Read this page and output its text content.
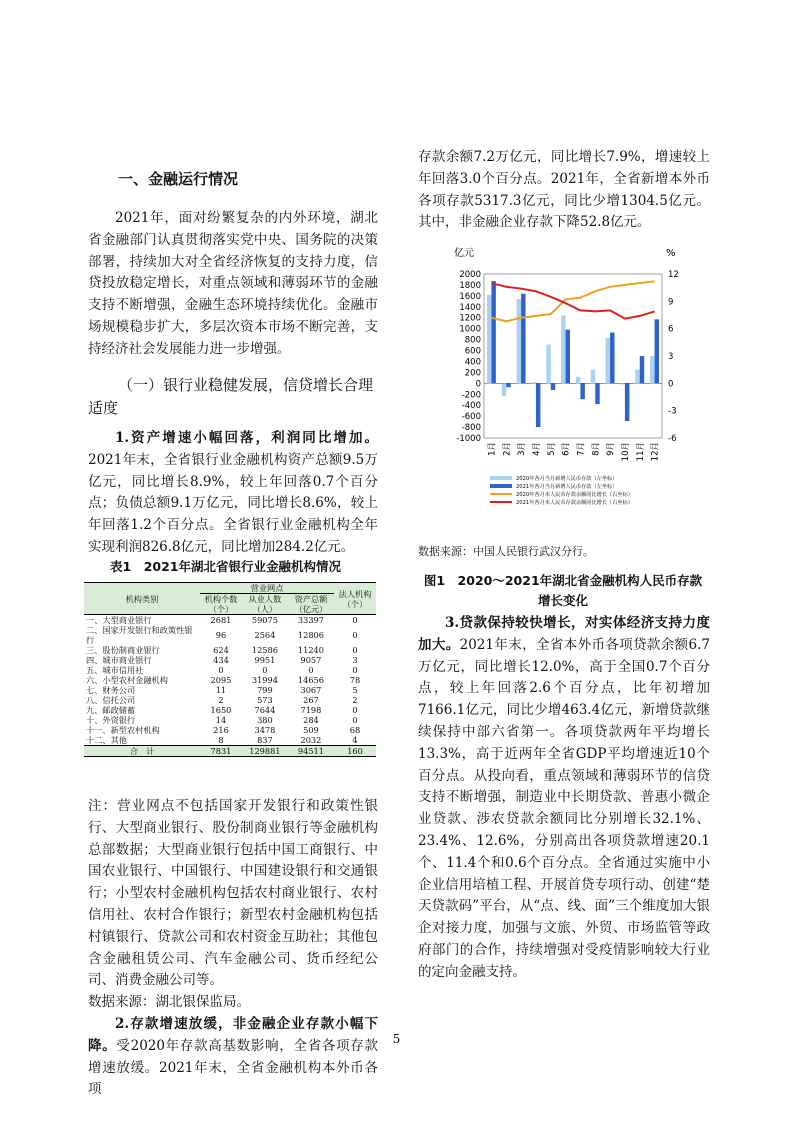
一、金融运行情况

2021年，面对纷繁复杂的内外环境，湖北省金融部门认真贯彻落实党中央、国务院的决策部署，持续加大对全省经济恢复的支持力度，信贷投放稳定增长，对重点领域和薄弱环节的金融支持不断增强，金融生态环境持续优化。金融市场规模稳步扩大，多层次资本市场不断完善，支持经济社会发展能力进一步增强。

（一）银行业稳健发展，信贷增长合理适度

1.资产增速小幅回落，利润同比增加。2021年末，全省银行业金融机构资产总额9.5万亿元，同比增长8.9%，较上年回落0.7个百分点；负债总额9.1万亿元，同比增长8.6%，较上年回落1.2个百分点。全省银行业金融机构全年实现利润826.8亿元，同比增加284.2亿元。

表1　2021年湖北省银行业金融机构情况
机构类别	营业网点			法人机构（个）
	机构个数（个）	从业人数（人）	资产总额（亿元）	
一、大型商业银行	2681	59075	33397	0
二、国家开发银行和政策性银行	96	2564	12806	0
三、股份制商业银行	624	12586	11240	0
四、城市商业银行	434	9951	9057	3
五、城市信用社	0	0	0	0
六、小型农村金融机构	2095	31994	14656	78
七、财务公司	11	799	3067	5
八、信托公司	2	573	267	2
九、邮政储蓄	1650	7644	7198	0
十、外资银行	14	380	284	0
十一、新型农村机构	216	3478	509	68
十二、其他	8	837	2032	4
合　计	7831	129881	94511	160

注：营业网点不包括国家开发银行和政策性银行、大型商业银行、股份制商业银行等金融机构总部数据；大型商业银行包括中国工商银行、中国农业银行、中国银行、中国建设银行和交通银行；小型农村金融机构包括农村商业银行、农村信用社、农村合作银行；新型农村金融机构包括村镇银行、贷款公司和农村资金互助社；其他包含金融租赁公司、汽车金融公司、货币经纪公司、消费金融公司等。

数据来源：湖北银保监局。

2.存款增速放缓，非金融企业存款小幅下降。受2020年存款高基数影响，全省各项存款增速放缓。2021年末，全省金融机构本外币各项

存款余额7.2万亿元，同比增长7.9%，增速较上年回落3.0个百分点。2021年，全省新增本外币各项存款5317.3亿元，同比少增1304.5亿元。其中，非金融企业存款下降52.8亿元。

亿元	%
2000
1800
1600
1400
1200
1000
800
600
400
200
0
-200
-400
-600
-800
-1000
12
9
6
3
0
-3
-6
1月 2月 3月 4月 5月 6月 7月 8月 9月 10月 11月 12月
2020年各月当月新增人民币存款（左坐标）
2021年各月当月新增人民币存款（左坐标）
2020年各月末人民币存款余额同比增长（右坐标）
2021年各月末人民币存款余额同比增长（右坐标）
数据来源：中国人民银行武汉分行。
图1　2020～2021年湖北省金融机构人民币存款增长变化

3.贷款保持较快增长，对实体经济支持力度加大。2021年末，全省本外币各项贷款余额6.7万亿元，同比增长12.0%，高于全国0.7个百分点，较上年回落2.6个百分点，比年初增加7166.1亿元，同比少增463.4亿元，新增贷款继续保持中部六省第一。各项贷款两年平均增长13.3%，高于近两年全省GDP平均增速近10个百分点。从投向看，重点领域和薄弱环节的信贷支持不断增强，制造业中长期贷款、普惠小微企业贷款、涉农贷款余额同比分别增长32.1%、23.4%、12.6%，分别高出各项贷款增速20.1个、11.4个和0.6个百分点。全省通过实施中小企业信用培植工程、开展首贷专项行动、创建“楚天贷款码”平台，从“点、线、面”三个维度加大银企对接力度，加强与文旅、外贸、市场监管等政府部门的合作，持续增强对受疫情影响较大行业的定向金融支持。

5
